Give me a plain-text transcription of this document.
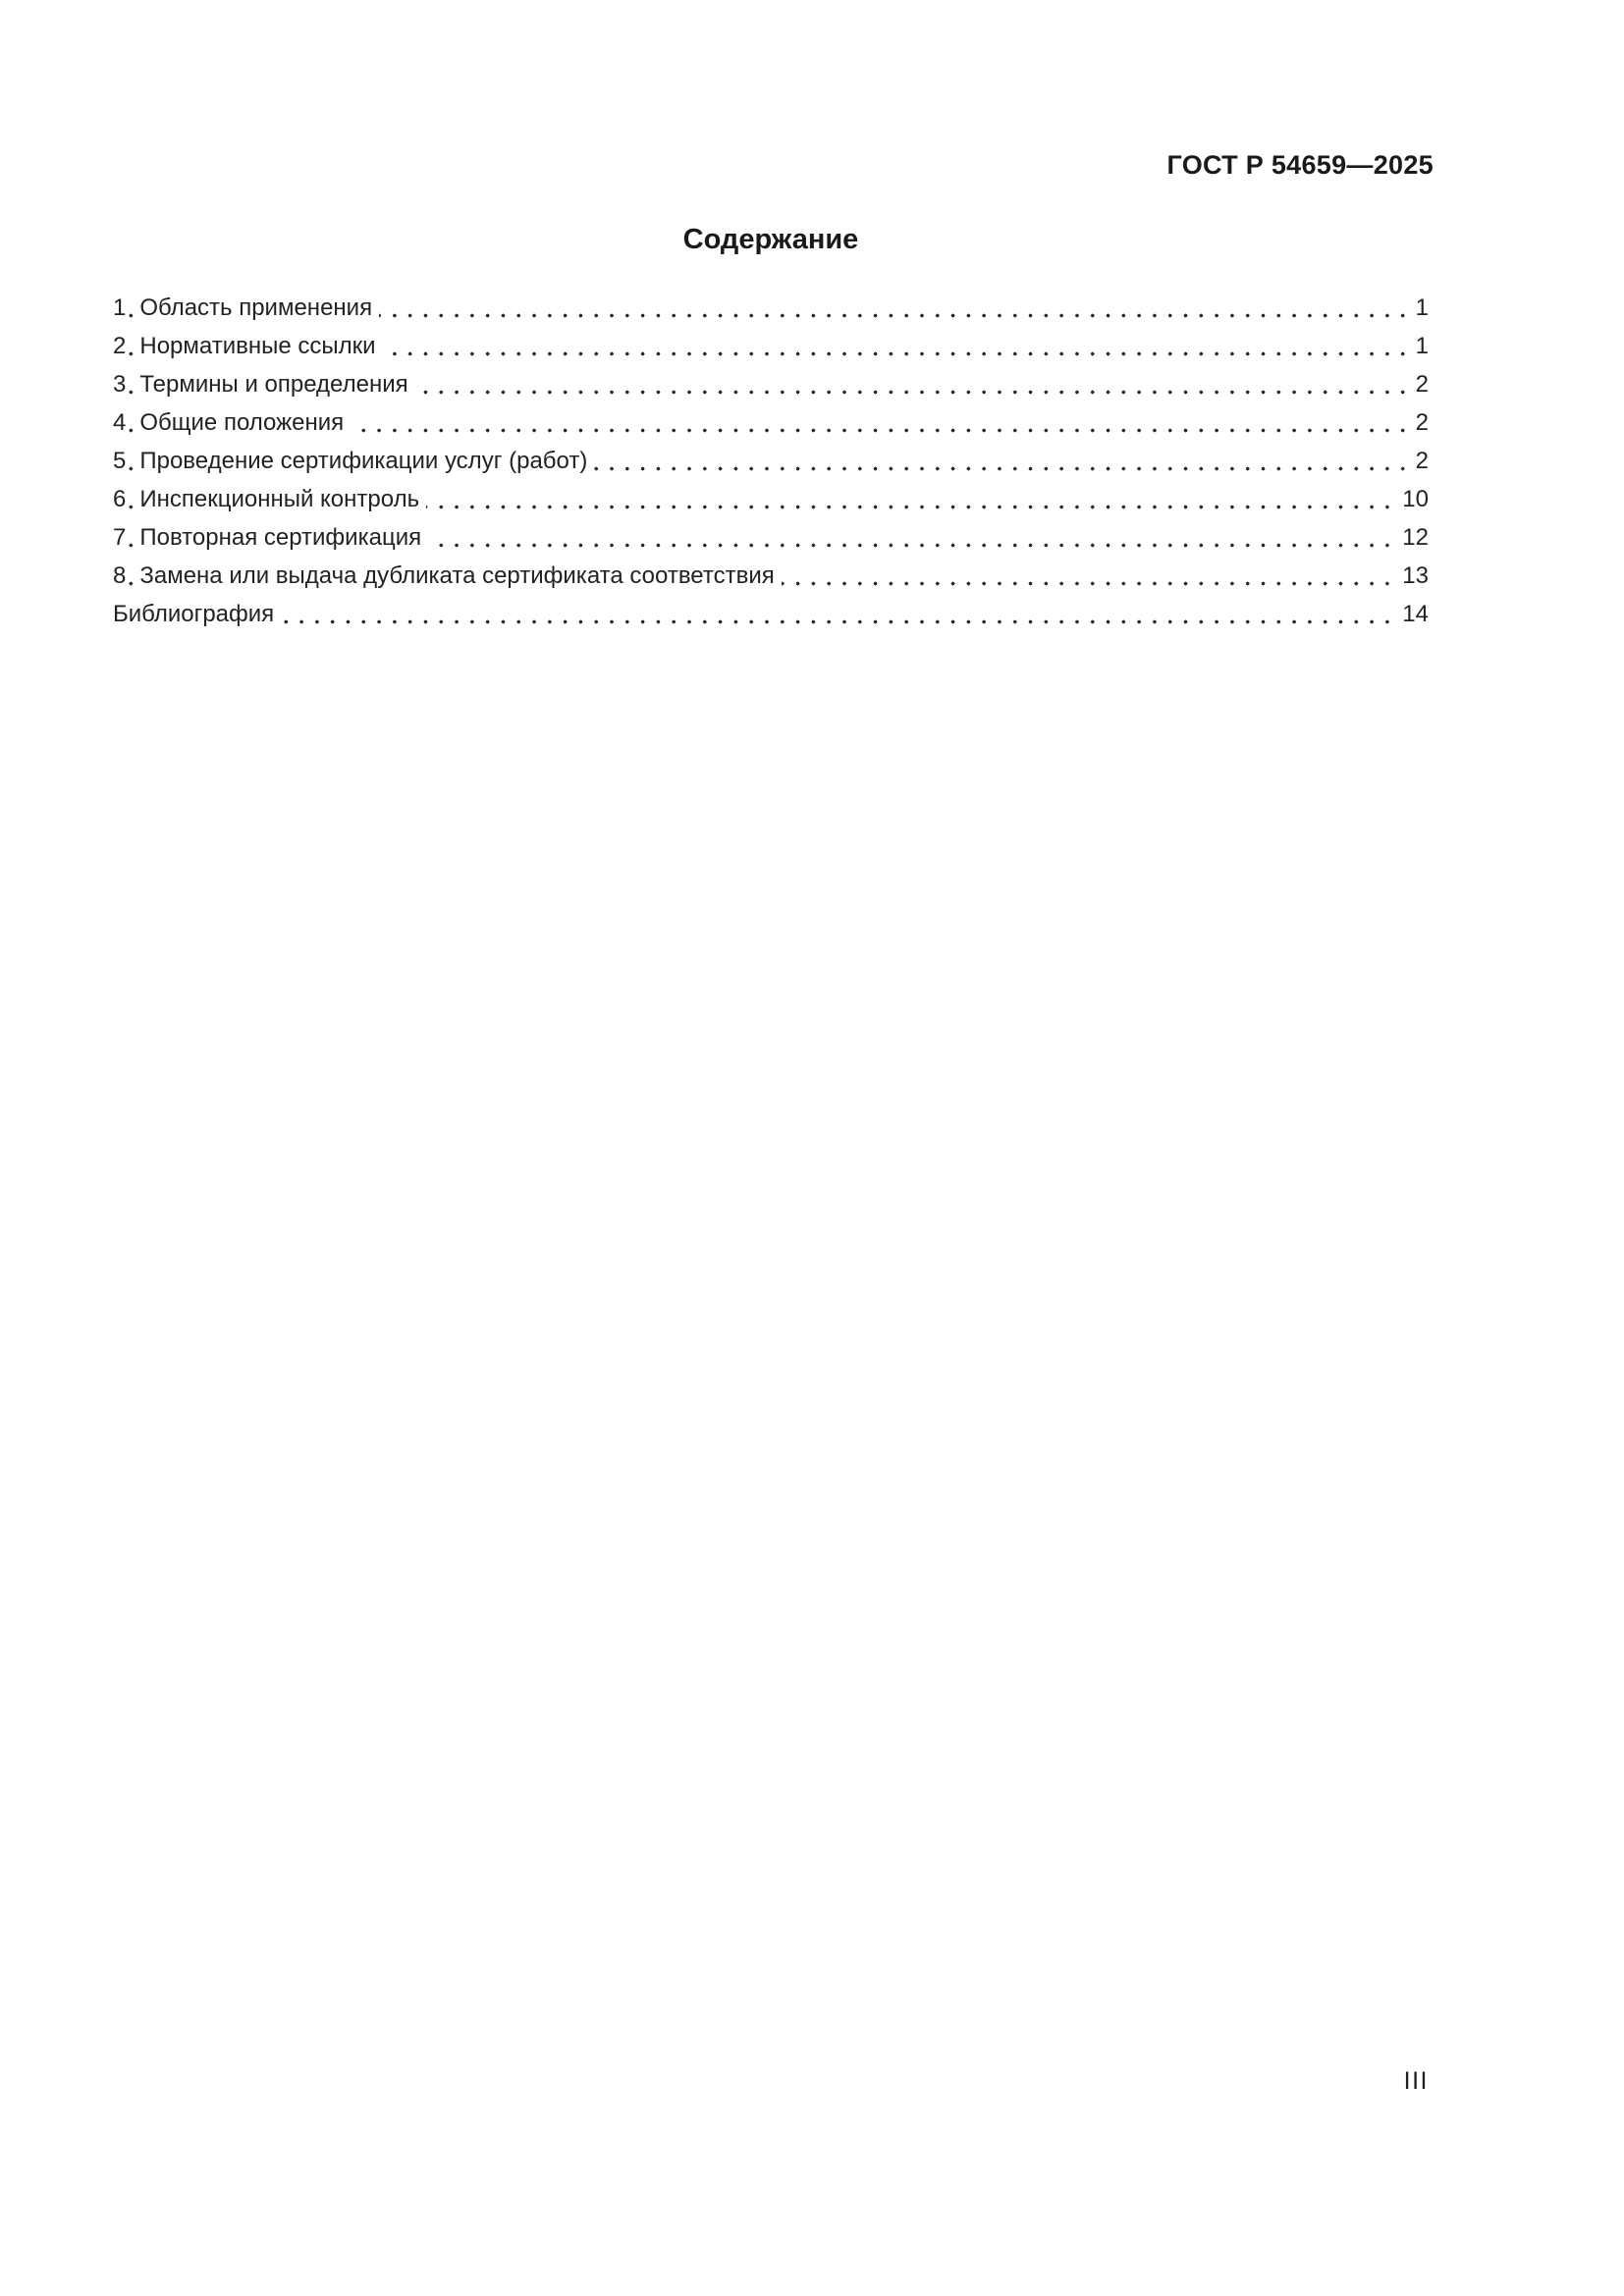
ГОСТ Р 54659—2025
Содержание
1 Область применения	1
2 Нормативные ссылки	1
3 Термины и определения	2
4 Общие положения	2
5 Проведение сертификации услуг (работ)	2
6 Инспекционный контроль	10
7 Повторная сертификация	12
8 Замена или выдача дубликата сертификата соответствия	13
Библиография	14
III
